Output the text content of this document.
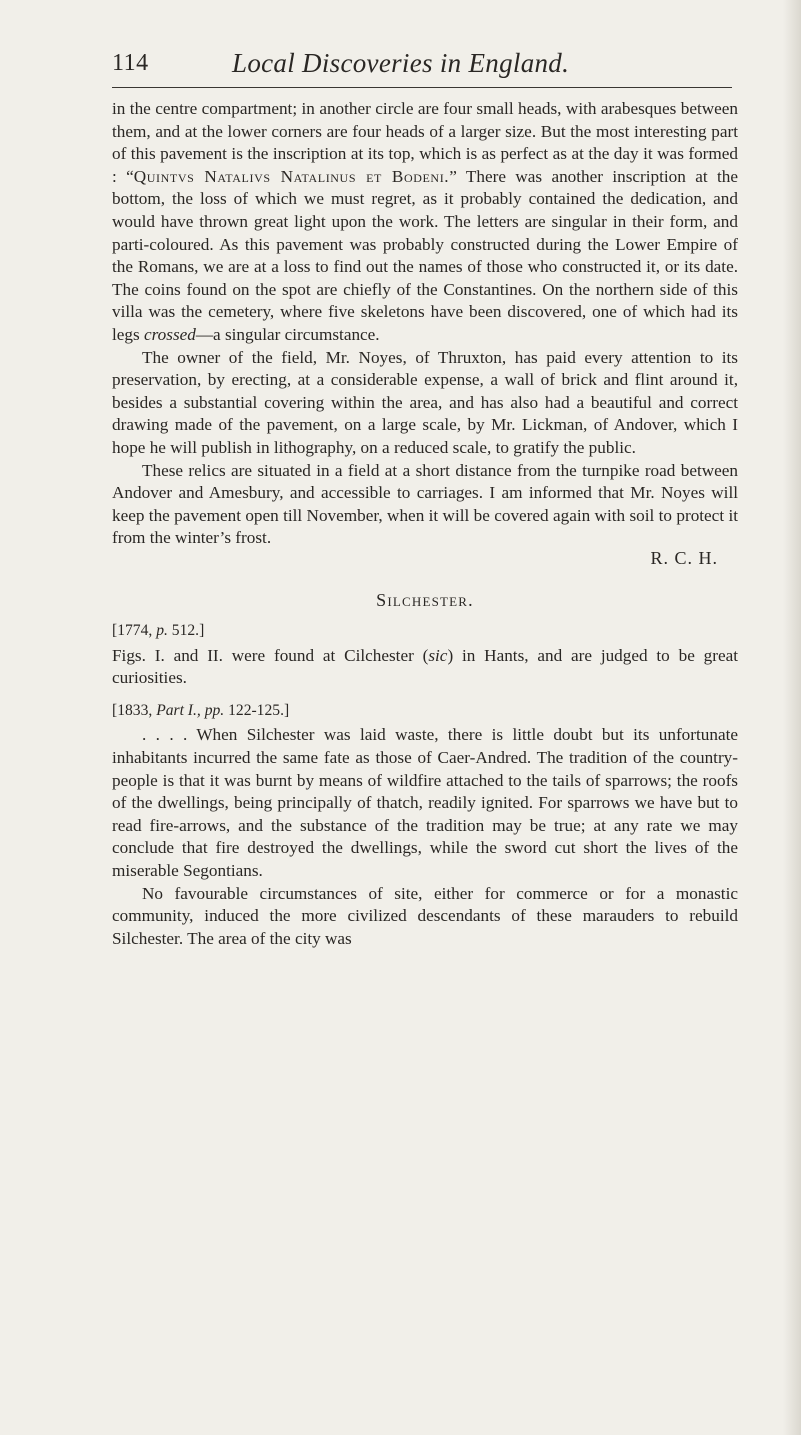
114	Local Discoveries in England.

in the centre compartment; in another circle are four small heads, with arabesques between them, and at the lower corners are four heads of a larger size. But the most interesting part of this pavement is the inscription at its top, which is as perfect as at the day it was formed : “Quintvs Natalivs Natalinus et Bodeni.” There was another inscription at the bottom, the loss of which we must regret, as it probably contained the dedication, and would have thrown great light upon the work. The letters are singular in their form, and parti-coloured. As this pavement was probably constructed during the Lower Empire of the Romans, we are at a loss to find out the names of those who constructed it, or its date. The coins found on the spot are chiefly of the Constantines. On the northern side of this villa was the cemetery, where five skeletons have been discovered, one of which had its legs crossed—a singular circumstance.

The owner of the field, Mr. Noyes, of Thruxton, has paid every attention to its preservation, by erecting, at a considerable expense, a wall of brick and flint around it, besides a substantial covering within the area, and has also had a beautiful and correct drawing made of the pavement, on a large scale, by Mr. Lickman, of Andover, which I hope he will publish in lithography, on a reduced scale, to gratify the public.

These relics are situated in a field at a short distance from the turnpike road between Andover and Amesbury, and accessible to carriages. I am informed that Mr. Noyes will keep the pavement open till November, when it will be covered again with soil to protect it from the winter’s frost.

R. C. H.

Silchester.

[1774, p. 512.]

Figs. I. and II. were found at Cilchester (sic) in Hants, and are judged to be great curiosities.

[1833, Part I., pp. 122-125.]

. . . . When Silchester was laid waste, there is little doubt but its unfortunate inhabitants incurred the same fate as those of Caer-Andred. The tradition of the country-people is that it was burnt by means of wildfire attached to the tails of sparrows; the roofs of the dwellings, being principally of thatch, readily ignited. For sparrows we have but to read fire-arrows, and the substance of the tradition may be true; at any rate we may conclude that fire destroyed the dwellings, while the sword cut short the lives of the miserable Segontians.

No favourable circumstances of site, either for commerce or for a monastic community, induced the more civilized descendants of these marauders to rebuild Silchester. The area of the city was
